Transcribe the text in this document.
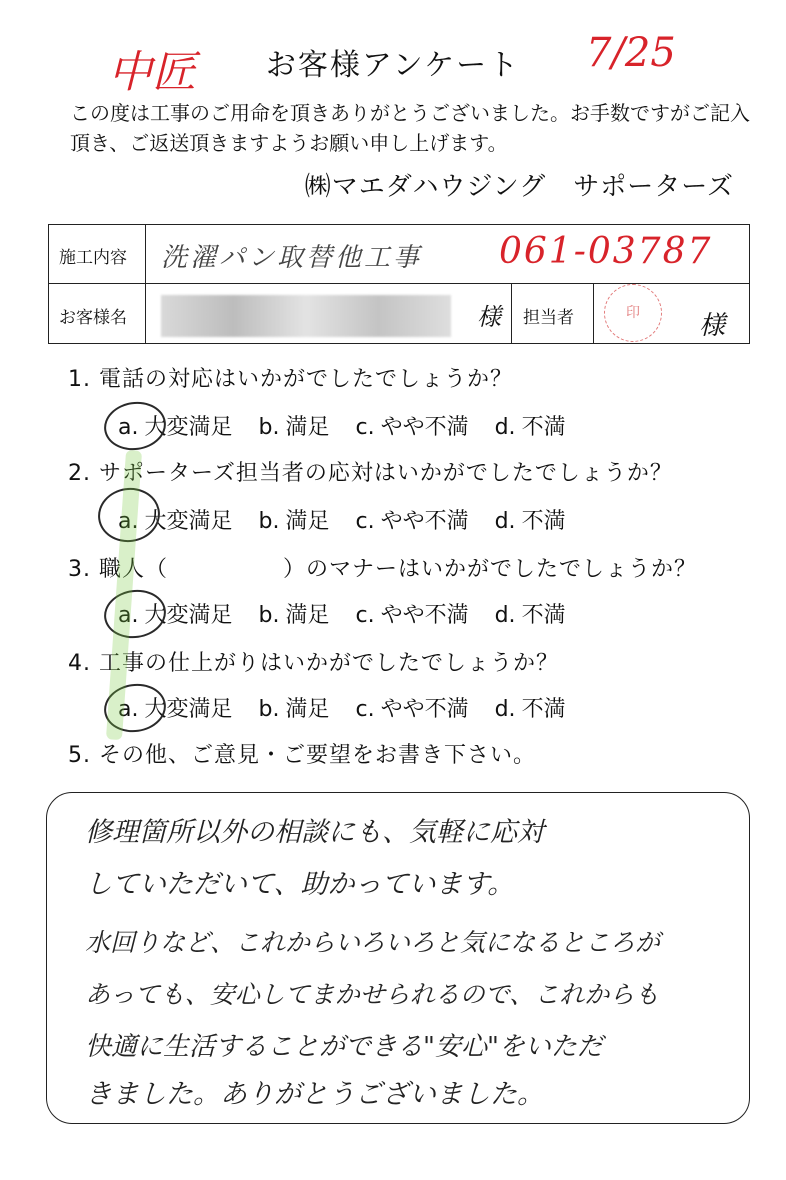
中匠	お客様アンケート	7/25
この度は工事のご用命を頂きありがとうございました。お手数ですがご記入頂き、ご返送頂きますようお願い申し上げます。
㈱マエダハウジング　サポーターズ
施工内容 洗濯パン取替他工事 061-03787
お客様名	様 担当者	様
印
1. 電話の対応はいかがでしたでしょうか？
a. 大変満足 b. 満足 c. やや不満 d. 不満
2. サポーターズ担当者の応対はいかがでしたでしょうか？
a. 大変満足 b. 満足 c. やや不満 d. 不満
3. 職人（　　　　　）のマナーはいかがでしたでしょうか？
a. 大変満足 b. 満足 c. やや不満 d. 不満
4. 工事の仕上がりはいかがでしたでしょうか？
a. 大変満足 b. 満足 c. やや不満 d. 不満
5. その他、ご意見・ご要望をお書き下さい。
修理箇所以外の相談にも、気軽に応対
していただいて、助かっています。
水回りなど、これからいろいろと気になるところが
あっても、安心してまかせられるので、これからも
快適に生活することができる"安心"をいただ
きました。ありがとうございました。
